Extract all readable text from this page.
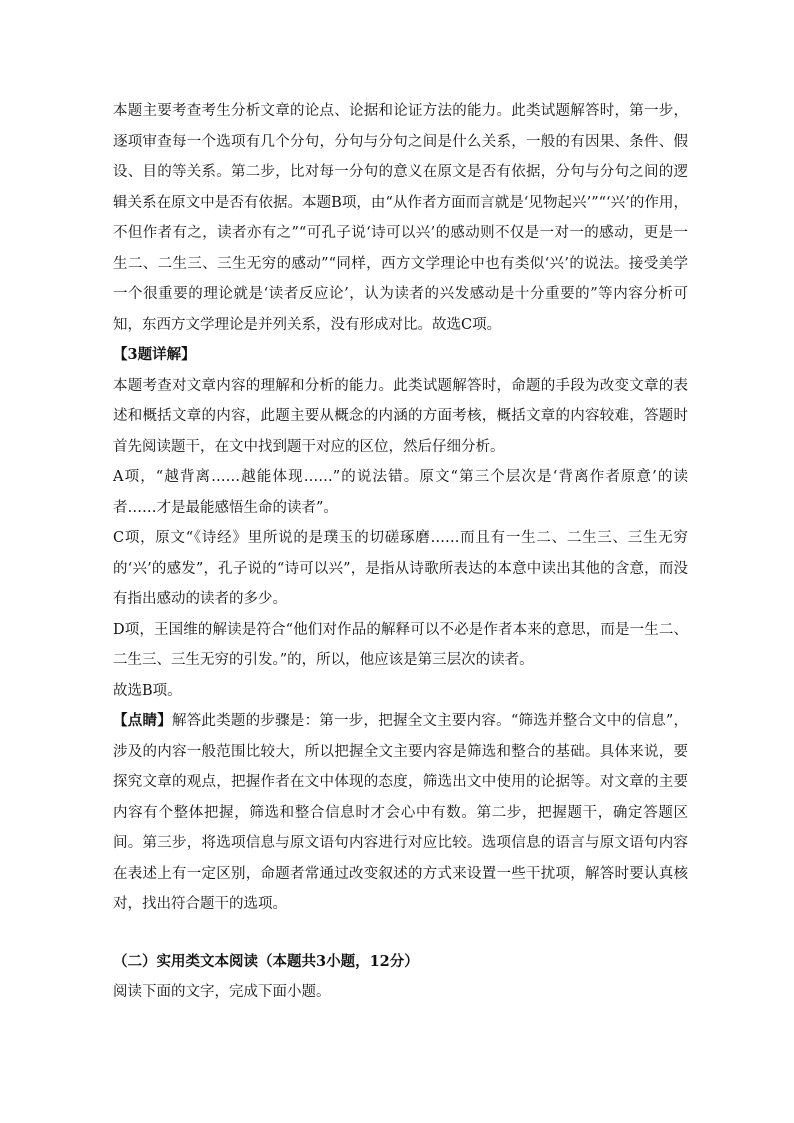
本题主要考查考生分析文章的论点、论据和论证方法的能力。此类试题解答时，第一步，逐项审查每一个选项有几个分句，分句与分句之间是什么关系，一般的有因果、条件、假设、目的等关系。第二步，比对每一分句的意义在原文是否有依据，分句与分句之间的逻辑关系在原文中是否有依据。本题B项，由“从作者方面而言就是‘见物起兴’”“‘兴’的作用，不但作者有之，读者亦有之”“可孔子说‘诗可以兴’的感动则不仅是一对一的感动，更是一生二、二生三、三生无穷的感动”“同样，西方文学理论中也有类似‘兴’的说法。接受美学一个很重要的理论就是‘读者反应论’，认为读者的兴发感动是十分重要的”等内容分析可知，东西方文学理论是并列关系，没有形成对比。故选C项。

【3题详解】

本题考查对文章内容的理解和分析的能力。此类试题解答时，命题的手段为改变文章的表述和概括文章的内容，此题主要从概念的内涵的方面考核，概括文章的内容较难，答题时首先阅读题干，在文中找到题干对应的区位，然后仔细分析。

A项，“越背离……越能体现……”的说法错。原文“第三个层次是‘背离作者原意’的读者……才是最能感悟生命的读者”。

C项，原文“《诗经》里所说的是璞玉的切磋琢磨……而且有一生二、二生三、三生无穷的‘兴’的感发”，孔子说的“诗可以兴”，是指从诗歌所表达的本意中读出其他的含意，而没有指出感动的读者的多少。

D项，王国维的解读是符合“他们对作品的解释可以不必是作者本来的意思，而是一生二、二生三、三生无穷的引发。”的，所以，他应该是第三层次的读者。

故选B项。

【点睛】解答此类题的步骤是：第一步，把握全文主要内容。“筛选并整合文中的信息”，涉及的内容一般范围比较大，所以把握全文主要内容是筛选和整合的基础。具体来说，要探究文章的观点，把握作者在文中体现的态度，筛选出文中使用的论据等。对文章的主要内容有个整体把握，筛选和整合信息时才会心中有数。第二步，把握题干，确定答题区间。第三步，将选项信息与原文语句内容进行对应比较。选项信息的语言与原文语句内容在表述上有一定区别，命题者常通过改变叙述的方式来设置一些干扰项，解答时要认真核对，找出符合题干的选项。

（二）实用类文本阅读（本题共3小题，12分）

阅读下面的文字，完成下面小题。
